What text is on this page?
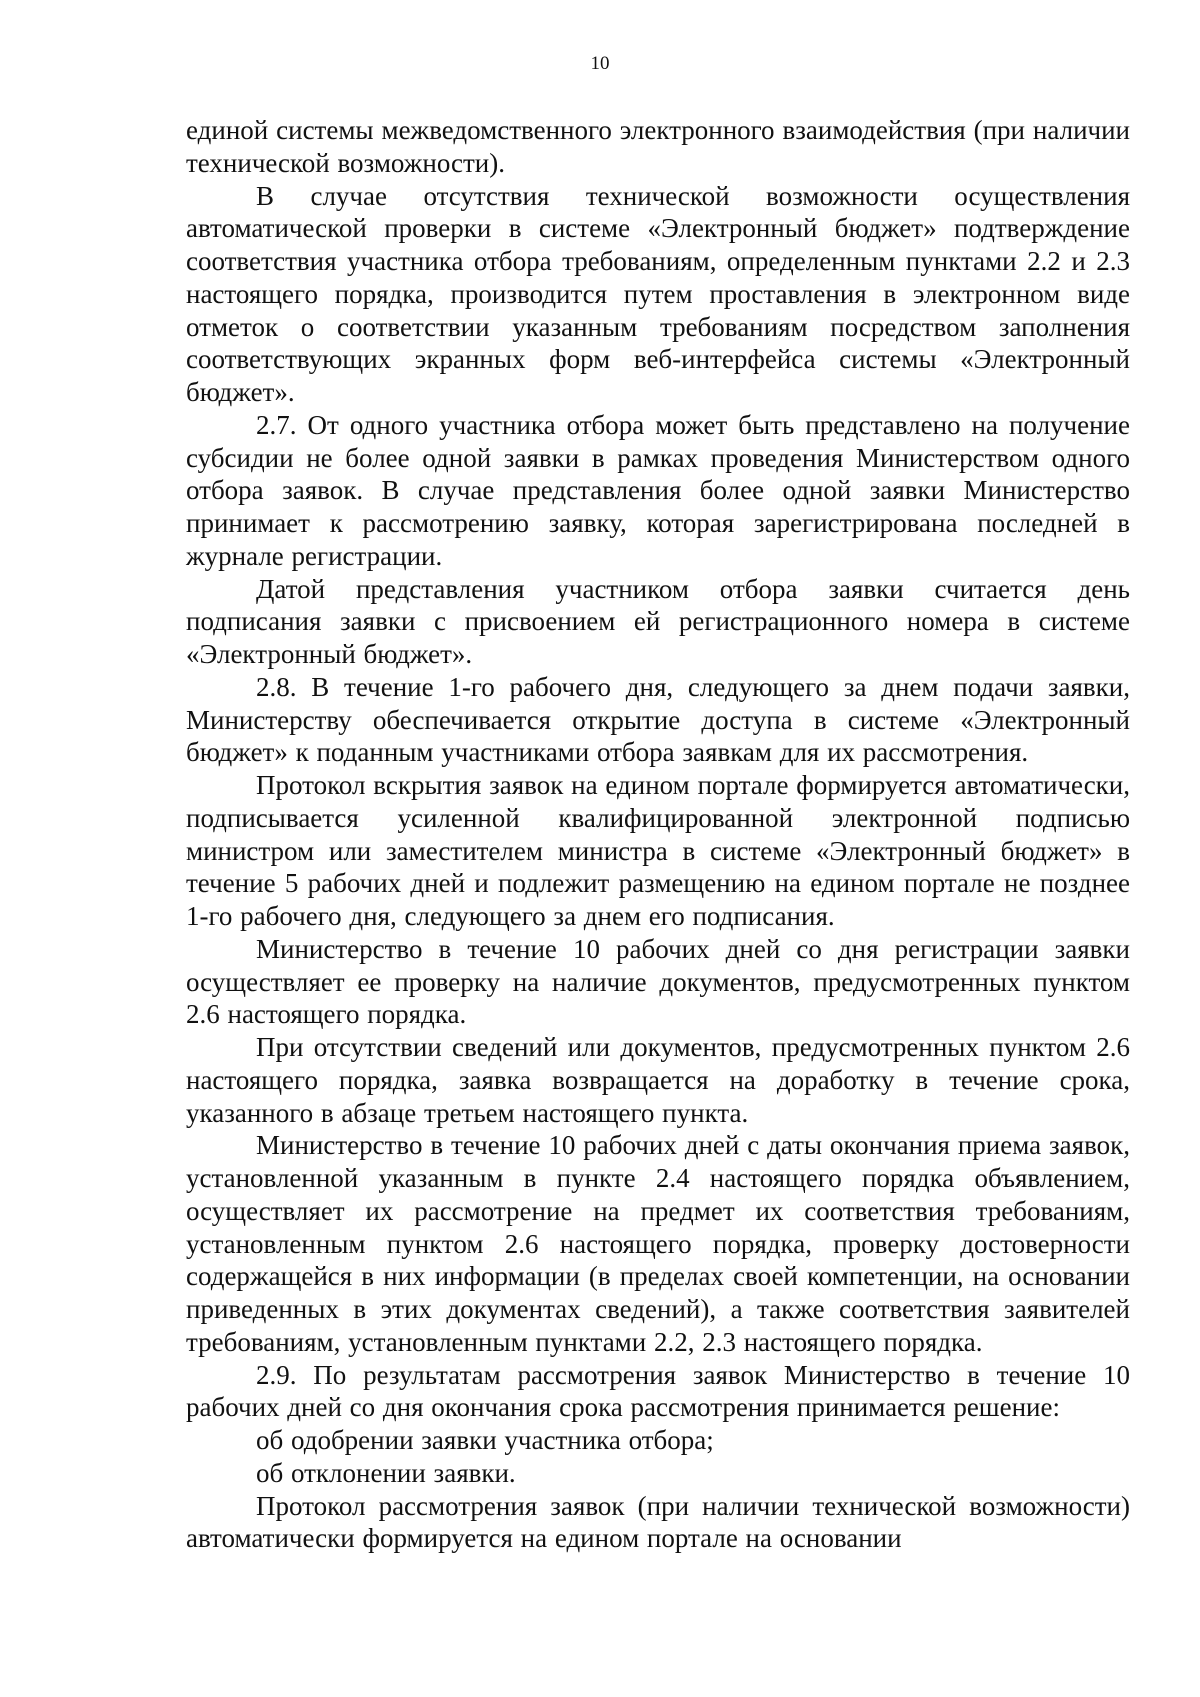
10

единой системы межведомственного электронного взаимодействия (при наличии технической возможности).

В случае отсутствия технической возможности осуществления автоматической проверки в системе «Электронный бюджет» подтверждение соответствия участника отбора требованиям, определенным пунктами 2.2 и 2.3 настоящего порядка, производится путем проставления в электронном виде отметок о соответствии указанным требованиям посредством заполнения соответствующих экранных форм веб-интерфейса системы «Электронный бюджет».

2.7. От одного участника отбора может быть представлено на получение субсидии не более одной заявки в рамках проведения Министерством одного отбора заявок. В случае представления более одной заявки Министерство принимает к рассмотрению заявку, которая зарегистрирована последней в журнале регистрации.

Датой представления участником отбора заявки считается день подписания заявки с присвоением ей регистрационного номера в системе «Электронный бюджет».

2.8. В течение 1-го рабочего дня, следующего за днем подачи заявки, Министерству обеспечивается открытие доступа в системе «Электронный бюджет» к поданным участниками отбора заявкам для их рассмотрения.

Протокол вскрытия заявок на едином портале формируется автоматически, подписывается усиленной квалифицированной электронной подписью министром или заместителем министра в системе «Электронный бюджет» в течение 5 рабочих дней и подлежит размещению на едином портале не позднее 1-го рабочего дня, следующего за днем его подписания.

Министерство в течение 10 рабочих дней со дня регистрации заявки осуществляет ее проверку на наличие документов, предусмотренных пунктом 2.6 настоящего порядка.

При отсутствии сведений или документов, предусмотренных пунктом 2.6 настоящего порядка, заявка возвращается на доработку в течение срока, указанного в абзаце третьем настоящего пункта.

Министерство в течение 10 рабочих дней с даты окончания приема заявок, установленной указанным в пункте 2.4 настоящего порядка объявлением, осуществляет их рассмотрение на предмет их соответствия требованиям, установленным пунктом 2.6 настоящего порядка, проверку достоверности содержащейся в них информации (в пределах своей компетенции, на основании приведенных в этих документах сведений), а также соответствия заявителей требованиям, установленным пунктами 2.2, 2.3 настоящего порядка.

2.9. По результатам рассмотрения заявок Министерство в течение 10 рабочих дней со дня окончания срока рассмотрения принимается решение:

об одобрении заявки участника отбора;

об отклонении заявки.

Протокол рассмотрения заявок (при наличии технической возможности) автоматически формируется на едином портале на основании
